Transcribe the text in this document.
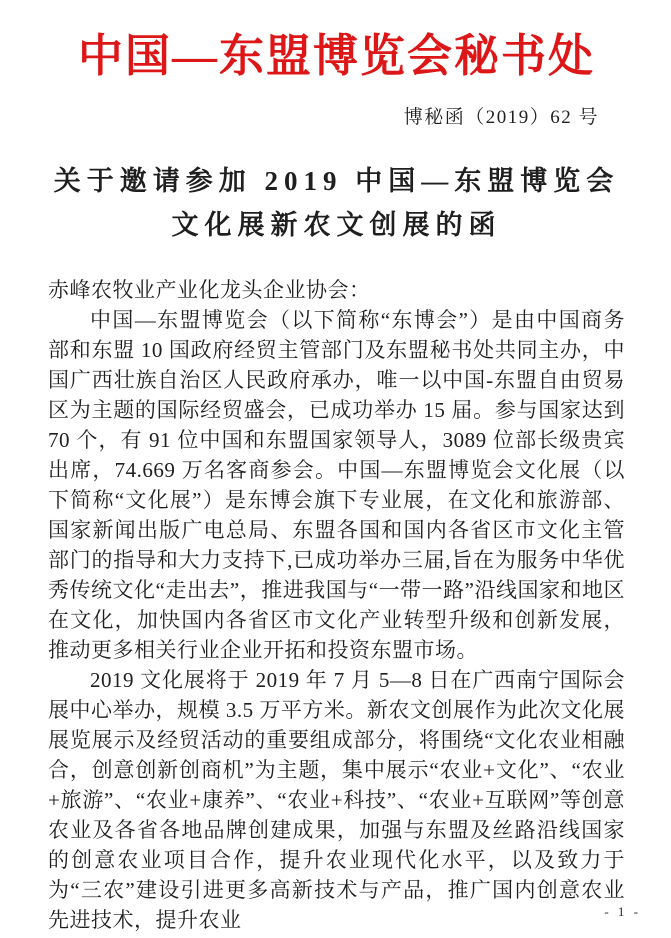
中国—东盟博览会秘书处
博秘函（2019）62 号
关于邀请参加 2019 中国—东盟博览会
文化展新农文创展的函
赤峰农牧业产业化龙头企业协会：

中国—东盟博览会（以下简称“东博会”）是由中国商务部和东盟 10 国政府经贸主管部门及东盟秘书处共同主办，中国广西壮族自治区人民政府承办，唯一以中国-东盟自由贸易区为主题的国际经贸盛会，已成功举办 15 届。参与国家达到 70 个，有 91 位中国和东盟国家领导人，3089 位部长级贵宾出席，74.669 万名客商参会。中国—东盟博览会文化展（以下简称“文化展”）是东博会旗下专业展，在文化和旅游部、国家新闻出版广电总局、东盟各国和国内各省区市文化主管部门的指导和大力支持下,已成功举办三届,旨在为服务中华优秀传统文化“走出去”，推进我国与“一带一路”沿线国家和地区在文化，加快国内各省区市文化产业转型升级和创新发展，推动更多相关行业企业开拓和投资东盟市场。

2019 文化展将于 2019 年 7 月 5—8 日在广西南宁国际会展中心举办，规模 3.5 万平方米。新农文创展作为此次文化展展览展示及经贸活动的重要组成部分，将围绕“文化农业相融合，创意创新创商机”为主题，集中展示“农业+文化”、“农业+旅游”、“农业+康养”、“农业+科技”、“农业+互联网”等创意农业及各省各地品牌创建成果，加强与东盟及丝路沿线国家的创意农业项目合作，提升农业现代化水平，以及致力于为“三农”建设引进更多高新技术与产品，推广国内创意农业先进技术，提升农业	- 1 -
